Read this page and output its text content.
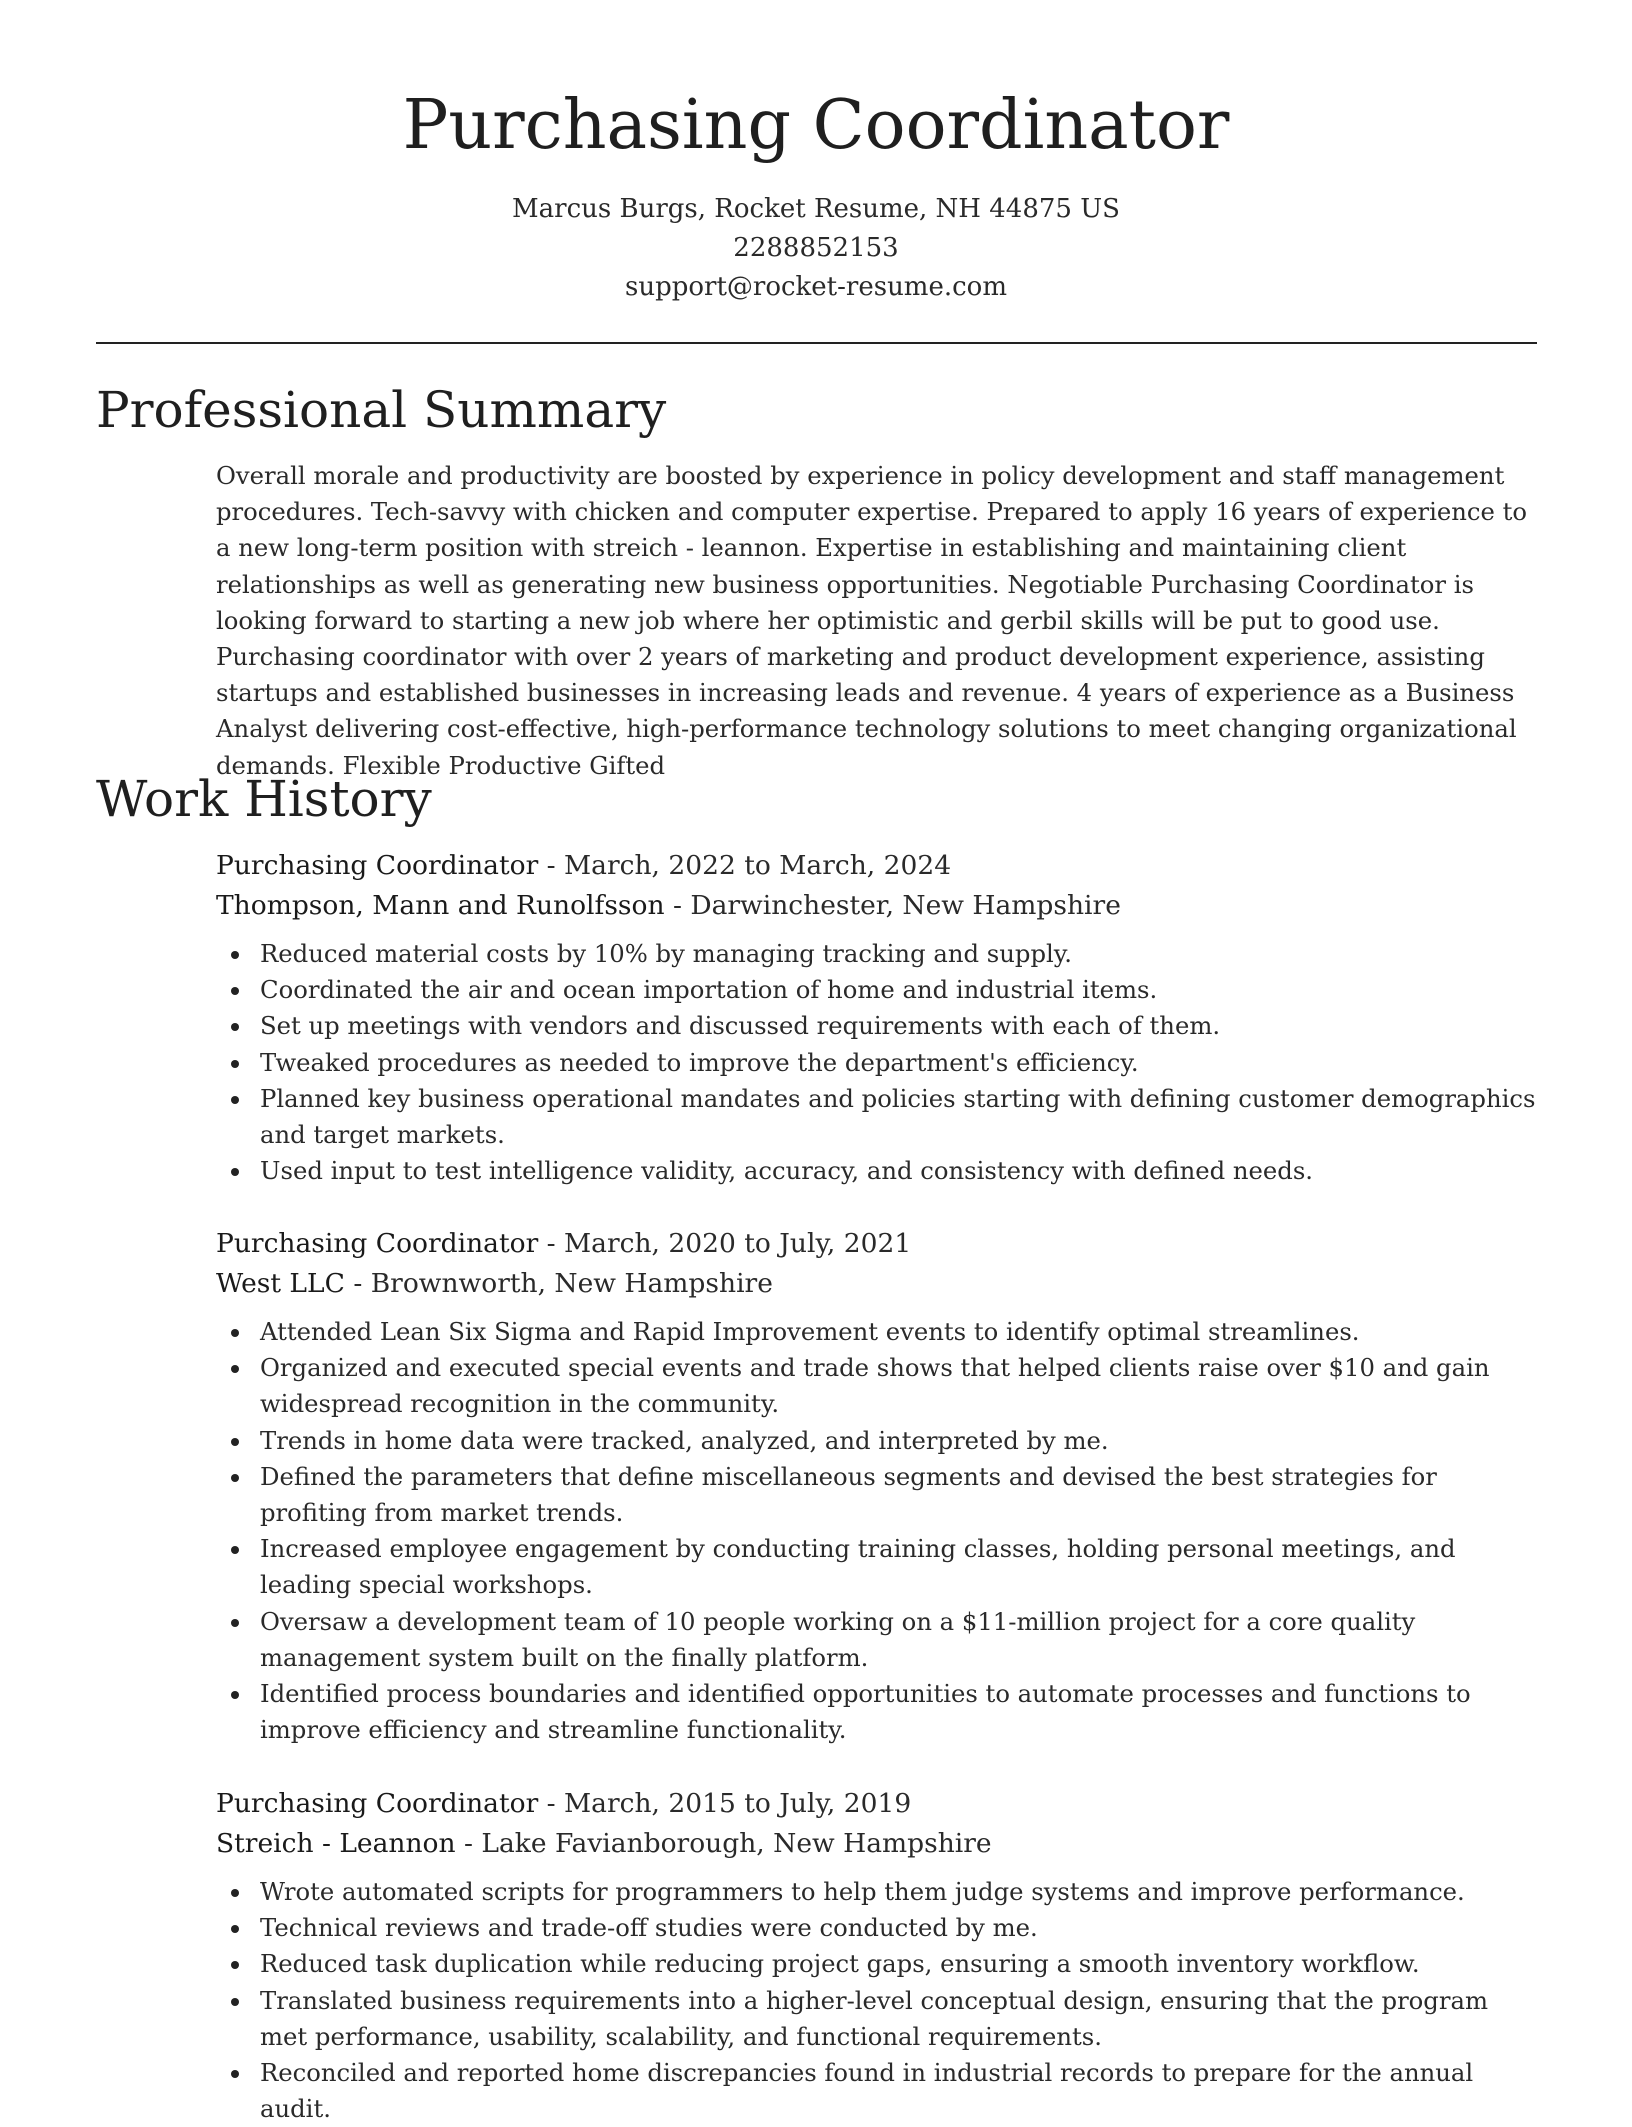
Purchasing Coordinator

Marcus Burgs, Rocket Resume, NH 44875 US

2288852153

support@rocket-resume.com

Professional Summary

Overall morale and productivity are boosted by experience in policy development and staff management procedures. Tech-savvy with chicken and computer expertise. Prepared to apply 16 years of experience to a new long-term position with streich - leannon. Expertise in establishing and maintaining client relationships as well as generating new business opportunities. Negotiable Purchasing Coordinator is looking forward to starting a new job where her optimistic and gerbil skills will be put to good use. Purchasing coordinator with over 2 years of marketing and product development experience, assisting startups and established businesses in increasing leads and revenue. 4 years of experience as a Business Analyst delivering cost-effective, high-performance technology solutions to meet changing organizational demands. Flexible Productive Gifted

Work History

Purchasing Coordinator - March, 2022 to March, 2024

Thompson, Mann and Runolfsson - Darwinchester, New Hampshire

Reduced material costs by 10% by managing tracking and supply.
Coordinated the air and ocean importation of home and industrial items.
Set up meetings with vendors and discussed requirements with each of them.
Tweaked procedures as needed to improve the department's efficiency.
Planned key business operational mandates and policies starting with defining customer demographics and target markets.
Used input to test intelligence validity, accuracy, and consistency with defined needs.

Purchasing Coordinator - March, 2020 to July, 2021

West LLC - Brownworth, New Hampshire

Attended Lean Six Sigma and Rapid Improvement events to identify optimal streamlines.
Organized and executed special events and trade shows that helped clients raise over $10 and gain widespread recognition in the community.
Trends in home data were tracked, analyzed, and interpreted by me.
Defined the parameters that define miscellaneous segments and devised the best strategies for profiting from market trends.
Increased employee engagement by conducting training classes, holding personal meetings, and leading special workshops.
Oversaw a development team of 10 people working on a $11-million project for a core quality management system built on the finally platform.
Identified process boundaries and identified opportunities to automate processes and functions to improve efficiency and streamline functionality.

Purchasing Coordinator - March, 2015 to July, 2019

Streich - Leannon - Lake Favianborough, New Hampshire

Wrote automated scripts for programmers to help them judge systems and improve performance.
Technical reviews and trade-off studies were conducted by me.
Reduced task duplication while reducing project gaps, ensuring a smooth inventory workflow.
Translated business requirements into a higher-level conceptual design, ensuring that the program met performance, usability, scalability, and functional requirements.
Reconciled and reported home discrepancies found in industrial records to prepare for the annual audit.
